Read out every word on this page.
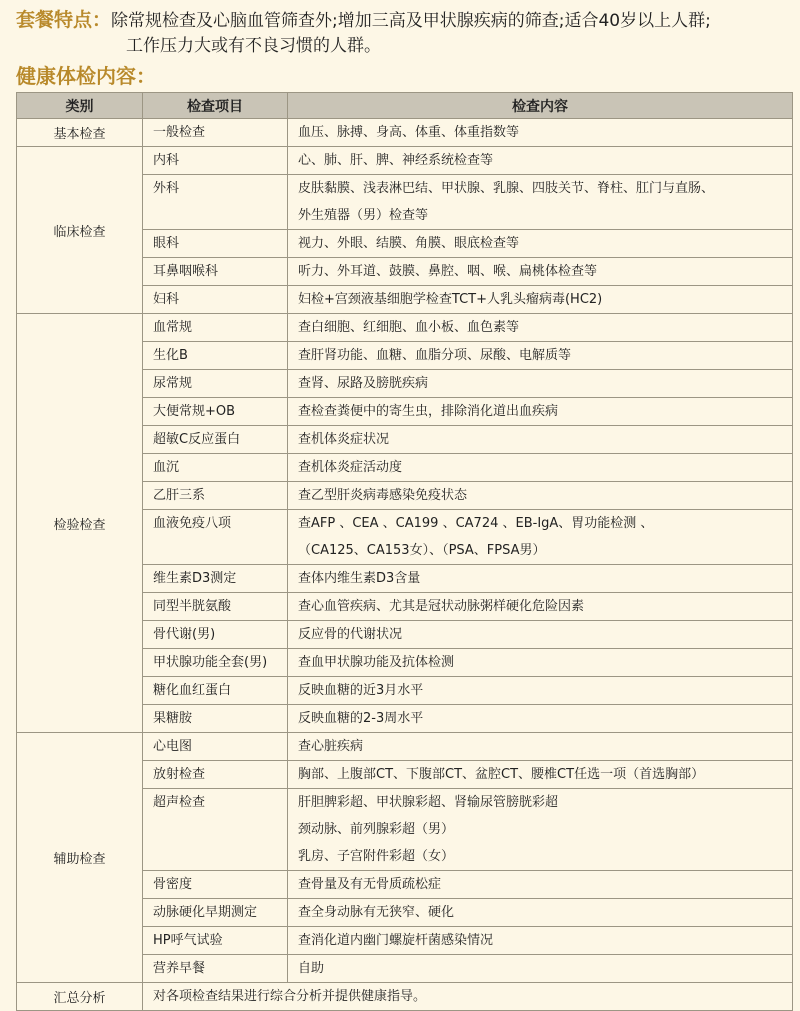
套餐特点：除常规检查及心脑血管筛查外;增加三高及甲状腺疾病的筛查;适合40岁以上人群;
工作压力大或有不良习惯的人群。
健康体检内容：
类别	检查项目	检查内容
基本检查	一般检查	血压、脉搏、身高、体重、体重指数等

临床检查	内科	心、肺、肝、脾、神经系统检查等

	外科	皮肤黏膜、浅表淋巴结、甲状腺、乳腺、四肢关节、脊柱、肛门与直肠、
外生殖器（男）检查等

	眼科	视力、外眼、结膜、角膜、眼底检查等

	耳鼻咽喉科	听力、外耳道、鼓膜、鼻腔、咽、喉、扁桃体检查等

	妇科	妇检+宫颈液基细胞学检查TCT+人乳头瘤病毒(HC2)

检验检查	血常规	查白细胞、红细胞、血小板、血色素等

	生化B	查肝肾功能、血糖、血脂分项、尿酸、电解质等

	尿常规	查肾、尿路及膀胱疾病

	大便常规+OB	查检查粪便中的寄生虫，排除消化道出血疾病

	超敏C反应蛋白	查机体炎症状况

	血沉	查机体炎症活动度

	乙肝三系	查乙型肝炎病毒感染免疫状态

	血液免疫八项	查AFP 、CEA 、CA199 、CA724 、EB-IgA、胃功能检测 、
（CA125、CA153女）、（PSA、FPSA男）

	维生素D3测定	查体内维生素D3含量

	同型半胱氨酸	查心血管疾病、尤其是冠状动脉粥样硬化危险因素

	骨代谢(男)	反应骨的代谢状况

	甲状腺功能全套(男)	查血甲状腺功能及抗体检测

	糖化血红蛋白	反映血糖的近3月水平

	果糖胺	反映血糖的2-3周水平

辅助检查	心电图	查心脏疾病

	放射检查	胸部、上腹部CT、下腹部CT、盆腔CT、腰椎CT任选一项（首选胸部）

	超声检查	肝胆脾彩超、甲状腺彩超、肾输尿管膀胱彩超
颈动脉、前列腺彩超（男）
乳房、子宫附件彩超（女）

	骨密度	查骨量及有无骨质疏松症

	动脉硬化早期测定	查全身动脉有无狭窄、硬化

	HP呼气试验	查消化道内幽门螺旋杆菌感染情况

	营养早餐	自助

汇总分析	对各项检查结果进行综合分析并提供健康指导。	
